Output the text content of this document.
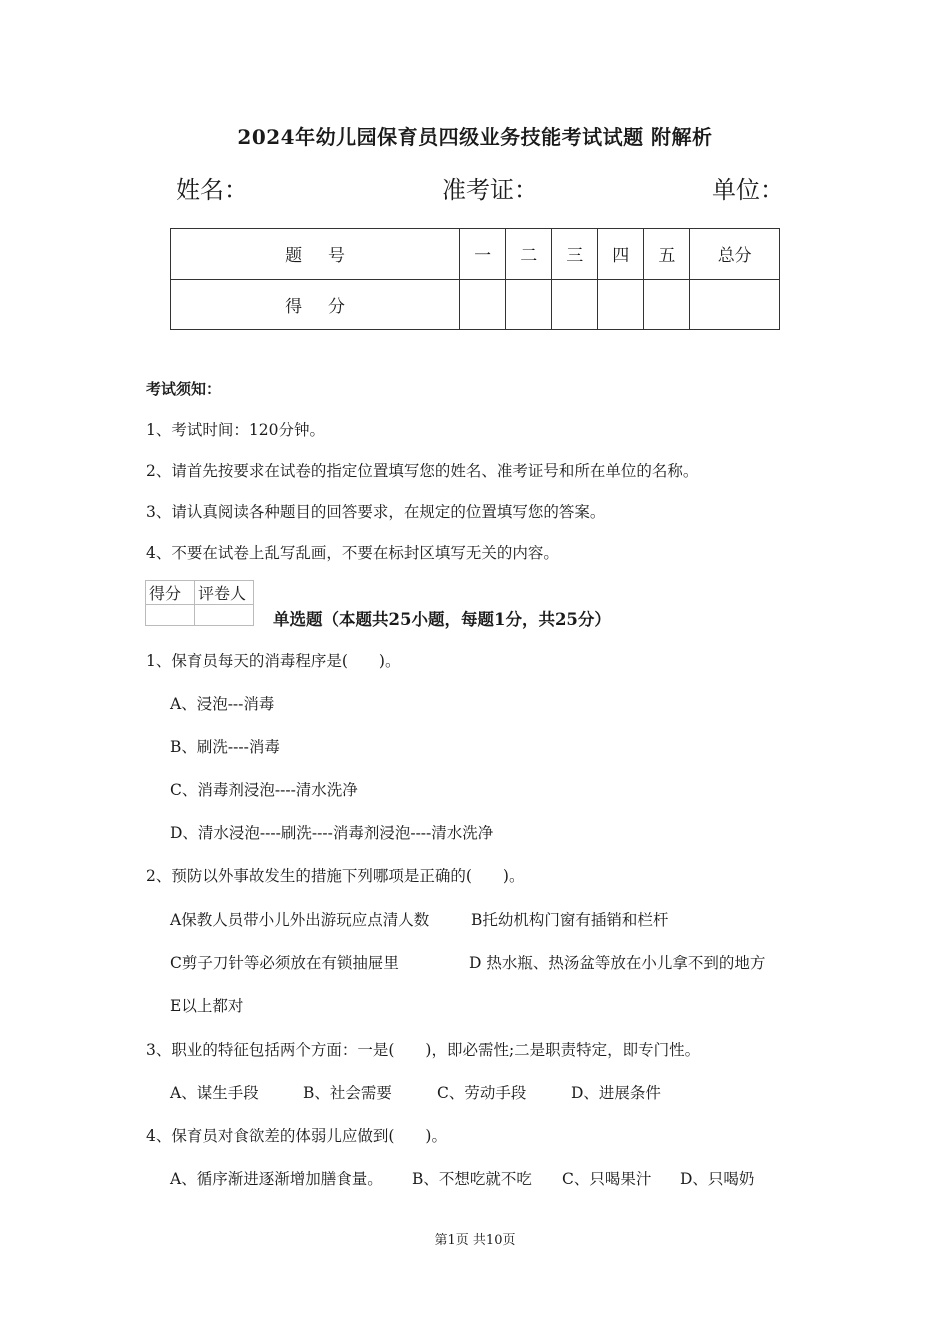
2024年幼儿园保育员四级业务技能考试试题 附解析
姓名：	准考证：	单位：
题号	一	二	三	四	五	总分
得分						
考试须知：
1、考试时间：120分钟。
2、请首先按要求在试卷的指定位置填写您的姓名、准考证号和所在单位的名称。
3、请认真阅读各种题目的回答要求，在规定的位置填写您的答案。
4、不要在试卷上乱写乱画，不要在标封区填写无关的内容。
得分	评卷人

单选题（本题共25小题，每题1分，共25分）
1、保育员每天的消毒程序是(　　)。
A、浸泡---消毒
B、刷洗----消毒
C、消毒剂浸泡----清水洗净
D、清水浸泡----刷洗----消毒剂浸泡----清水洗净
2、预防以外事故发生的措施下列哪项是正确的(　　)。
A保教人员带小儿外出游玩应点清人数	B托幼机构门窗有插销和栏杆
C剪子刀针等必须放在有锁抽屉里	D 热水瓶、热汤盆等放在小儿拿不到的地方
E以上都对
3、职业的特征包括两个方面：一是(　　)，即必需性;二是职责特定，即专门性。
A、谋生手段	B、社会需要	C、劳动手段	D、进展条件
4、保育员对食欲差的体弱儿应做到(　　)。
A、循序渐进逐渐增加膳食量。 B、不想吃就不吃 C、只喝果汁 D、只喝奶
第1页 共10页
